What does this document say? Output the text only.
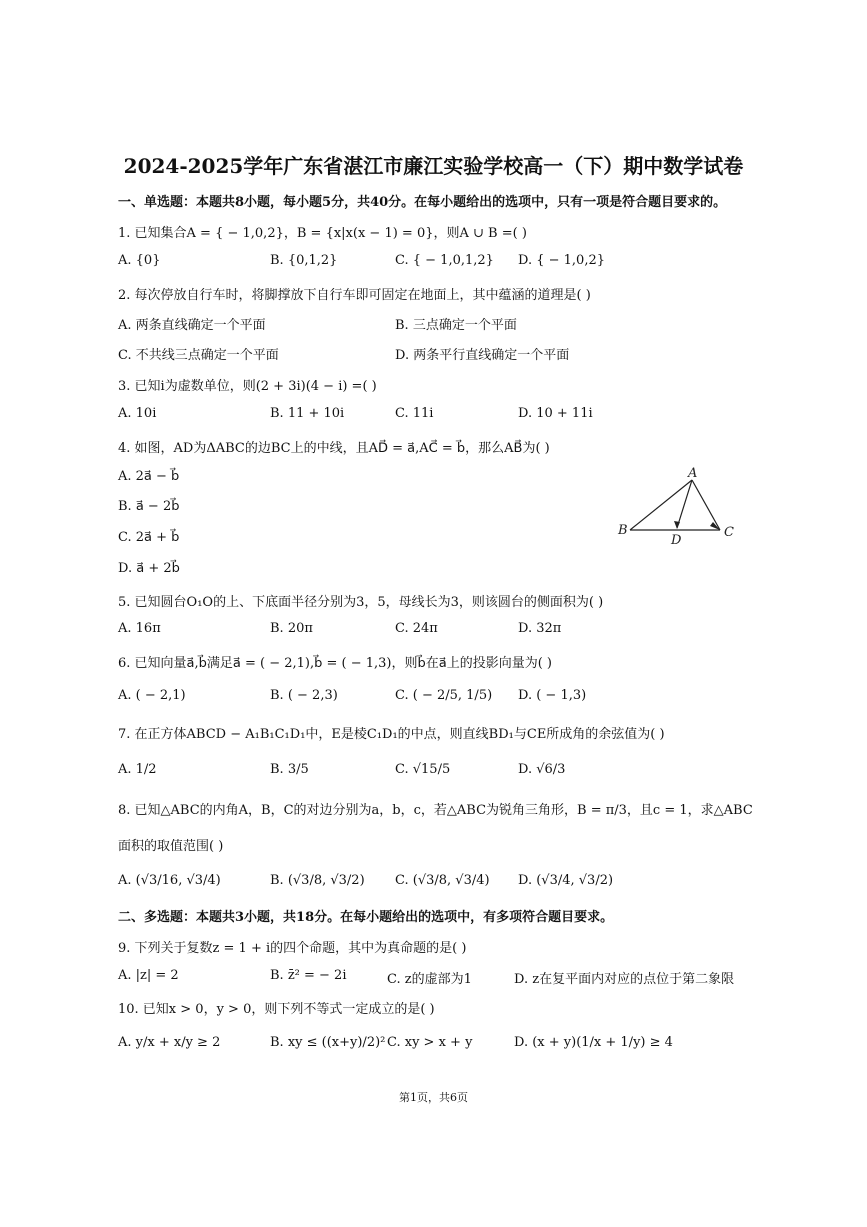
2024-2025学年广东省湛江市廉江实验学校高一（下）期中数学试卷
一、单选题：本题共8小题，每小题5分，共40分。在每小题给出的选项中，只有一项是符合题目要求的。
1. 已知集合A = { − 1,0,2}，B = {x|x(x − 1) = 0}，则A ∪ B =( )
A. {0}	B. {0,1,2}	C. { − 1,0,1,2} D. { − 1,0,2}
2. 每次停放自行车时，将脚撑放下自行车即可固定在地面上，其中蕴涵的道理是( )
A. 两条直线确定一个平面	B. 三点确定一个平面
C. 不共线三点确定一个平面	D. 两条平行直线确定一个平面
3. 已知i为虚数单位，则(2 + 3i)(4 − i) =( )
A. 10i	B. 11 + 10i	C. 11i	D. 10 + 11i
4. 如图，AD为ΔABC的边BC上的中线，且AD⃗ = a⃗,AC⃗ = b⃗，那么AB⃗为( )
A. 2a⃗ − b⃗
B. a⃗ − 2b⃗
C. 2a⃗ + b⃗
D. a⃗ + 2b⃗
A
B	C
D
5. 已知圆台O₁O的上、下底面半径分别为3，5，母线长为3，则该圆台的侧面积为( )
A. 16π	B. 20π	C. 24π	D. 32π
6. 已知向量a⃗,b⃗满足a⃗ = ( − 2,1),b⃗ = ( − 1,3)，则b⃗在a⃗上的投影向量为( )
A. ( − 2,1)	B. ( − 2,3)	C. ( − 2/5, 1/5) D. ( − 1,3)
7. 在正方体ABCD − A₁B₁C₁D₁中，E是棱C₁D₁的中点，则直线BD₁与CE所成角的余弦值为( )
A. 1/2	B. 3/5	C. √15/5	D. √6/3
8. 已知△ABC的内角A，B，C的对边分别为a，b，c，若△ABC为锐角三角形，B = π/3，且c = 1，求△ABC
面积的取值范围( )
A. (√3/16, √3/4)	B. (√3/8, √3/2) C. (√3/8, √3/4) D. (√3/4, √3/2)
二、多选题：本题共3小题，共18分。在每小题给出的选项中，有多项符合题目要求。
9. 下列关于复数z = 1 + i的四个命题，其中为真命题的是( )
A. |z| = 2	B. z̄² = − 2i	C. z的虚部为1	D. z在复平面内对应的点位于第二象限
10. 已知x > 0，y > 0，则下列不等式一定成立的是( )
A. y/x + x/y ≥ 2	B. xy ≤ ((x+y)/2)² C. xy > x + y	D. (x + y)(1/x + 1/y) ≥ 4
第1页，共6页
